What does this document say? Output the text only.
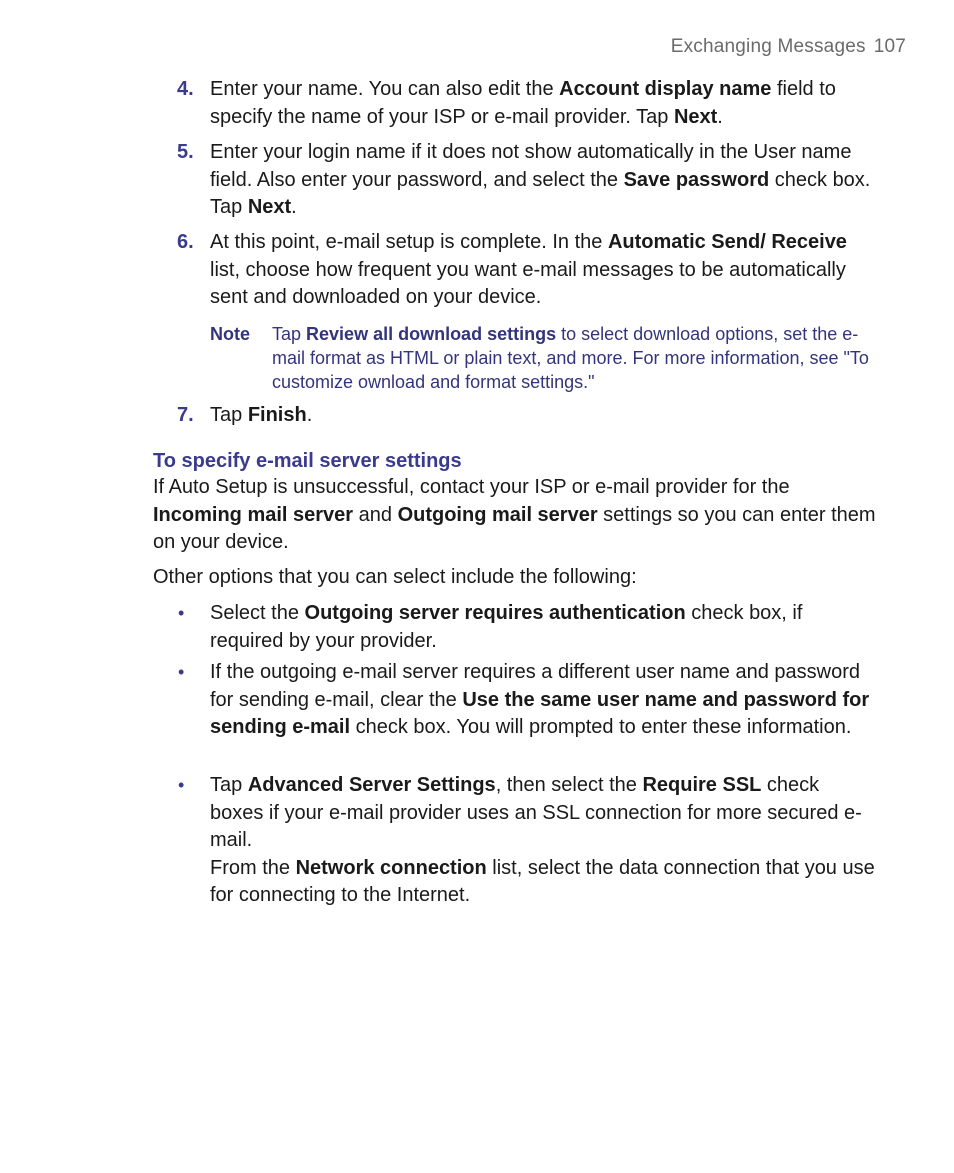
Exchanging Messages 107
4. Enter your name. You can also edit the Account display name field to specify the name of your ISP or e-mail provider. Tap Next.
5. Enter your login name if it does not show automatically in the User name field. Also enter your password, and select the Save password check box. Tap Next.
6. At this point, e-mail setup is complete. In the Automatic Send/ Receive list, choose how frequent you want e-mail messages to be automatically sent and downloaded on your device.
Note Tap Review all download settings to select download options, set the e-mail format as HTML or plain text, and more. For more information, see "To customize ownload and format settings."
7. Tap Finish.
To specify e-mail server settings
If Auto Setup is unsuccessful, contact your ISP or e-mail provider for the Incoming mail server and Outgoing mail server settings so you can enter them on your device.
Other options that you can select include the following:
• Select the Outgoing server requires authentication check box, if required by your provider.
• If the outgoing e-mail server requires a different user name and password for sending e-mail, clear the Use the same user name and password for sending e-mail check box. You will prompted to enter these information.
• Tap Advanced Server Settings, then select the Require SSL check boxes if your e-mail provider uses an SSL connection for more secured e-mail.
From the Network connection list, select the data connection that you use for connecting to the Internet.
